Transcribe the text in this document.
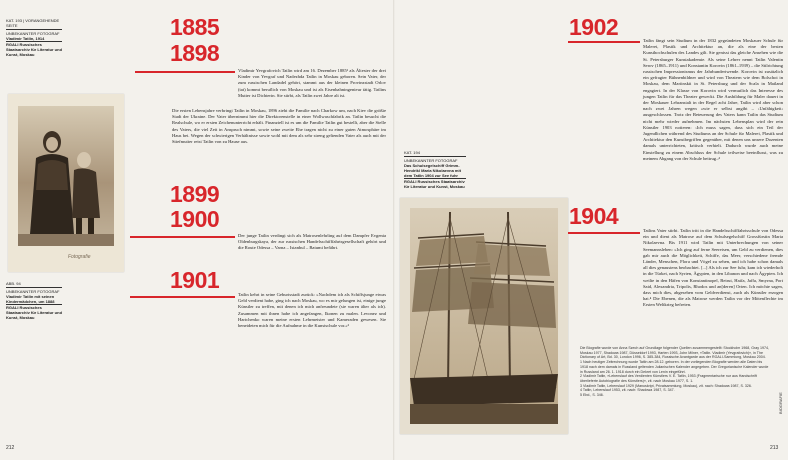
KAT. 193 | VORANGEHENDE SEITE
UNBEKANNTER FOTOGRAF
Vladimir Tatlin, 1914
RGALI Russisches Staatsarchiv für Literatur und Kunst, Moskau
Fotografie
ABB. 94
UNBEKANNTER FOTOGRAF
Vladimir Tatlin mit seinen Kindermädchen, um 1888
RGALI Russisches Staatsarchiv für Literatur und Kunst, Moskau
1885
1898

Vladimir Yevgrafovich Tatlin wird am 16. Dezember 1885¹ als Ältester der drei Kinder von Yevgraf und Nadezhda Tatlin in Moskau geboren. Sein Vater, der zum russischen Landadel gehört, stammt aus der kleinen Provinzstadt Orlov (tat) kommt beruflich von Moskau und ist als Eisenbahningenieur tätig. Tatlins Mutter ist Dichterin. Sie stirbt, als Tatlin zwei Jahre alt ist.

Die ersten Lebensjahre verbringt Tatlin in Moskau, 1896 zieht die Familie nach Charkow um, nach Kiev die größte Stadt der Ukraine. Der Vater übernimmt hier die Direktorenstelle in einer Wollwaschfabrik an. Tatlin besucht die Realschule, wo er ersten Zeichenunterricht erhält. Finanziell ist es um die Familie Tatlin gut bestellt, aber die Stelle des Vaters, die viel Zeit in Anspruch nimmt, sowie seine zweite Ehe tragen nicht zu einer guten Atmosphäre im Haus bei. Wegen der schwierigen Verhältnisse sowie wohl mit dem als sehr streng geltenden Vater als auch mit der Stiefmutter reist Tatlin von zu Hause aus.

1899
1900

Der junge Tatlin verdingt sich als Matrosenlehrling auf dem Dampfer Evgenia Oldenburgskaya, der zur russischen Handelsschifffahrtsgesellschaft gehört und die Route Odessa – Varna – Istanbul – Batumi befährt.

1901

Tatlin kehrt in seine Geburtsstadt zurück: »Nachdem ich als Schiffsjunge etwas Geld verdient habe, ging ich nach Moskau, wo es mir gelungen ist, einige junge Künstler zu treffen, mit denen ich mich anfreundete (sie waren älter als ich). Zusammen mit ihnen habe ich angefangen, Ikonen zu malen. Levonez und Hartchenko waren meine ersten Lehrmeister und Kameraden gewesen. Sie beneideten mich für die Aufnahme in die Kunstschule vor.«²

212
KAT. 194
UNBEKANNTER FOTOGRAF
Das Schulsegelschiff Grimm-Hendrikl Maria Nikolaevna mit dem Tatlin 1904 zur See fuhr
RGALI Russisches Staatsarchiv für Literatur und Kunst, Moskau
1902

Tatlin fängt sein Studium in der 1832 gegründeten Moskauer Schule für Malerei, Plastik und Architektur an, die als eine der besten Kunsthochschulen des Landes gilt. Sie genisst das gleiche Ansehen wie die St. Petersburger Kunstakademie. Als seine Lehrer nennt Tatlin Valentin Serov (1865–1911) und Konstantin Korovin (1861–1939) – die Stilrichtung russischen Impressionismus der Jahrhundertwende. Korovin ist zusätzlich ein gefragter Bühnenbildner und wird von Theatern wie dem Bolschoi in Moskau, dem Mariinskii in St. Petersburg und der Scala in Mailand engagiert. In der Klasse von Korovin wird vermutlich das Interesse des jungen Tatlin für das Theater geweckt. Die Ausbildung für Maler dauert in der Moskauer Lehranstalt in der Regel acht Jahre, Tatlin wird aber schon nach zwei Jahren wegen »wie er selbst angibt – ›Unfähigkeit‹ ausgeschlossen. Trotz der Beteuerung des Vaters kann Tatlin das Studium nicht mehr wieder aufnehmen. Im nächsten Lebensplan wird der rein Künstler 1903 notieren: ›Ich muss sagen, dass sich ein Teil der Jugendlichen während des Studiums an der Schule für Malerei, Plastik und Architektur den Kunstbegriffen gegenüber, mit denen uns unsere Dozenten damals unterrichteten, kritisch verhielt. Dadurch wurde auch meine Einstellung zu einem Abschluss der Schule teilweise beeinflusst, was zu meinem Abgang von der Schule beitrug.‹³

1904

Tatlins Vater stirbt. Tatlin tritt in die Handelsschifffahrtsschule von Odessa ein und dient als Matrose auf dem Schulsegelschiff Grossfürstin Maria Nikolaevna. Bis 1911 wird Tatlin mit Unterbrechungen von seiner Seemannsleben: »Ich ging auf ferne Seereisen, um Geld zu verdienen, dies gab mir auch die Möglichkeit, Schiffe, das Meer, verschiedene fremde Länder, Menschen, Flora und Vögel zu sehen, und ich habe schon damals all dies genaustens beobachtet. [...] Als ich zur See fuhr, kam ich wiederholt in die Türkei, nach Syrien, Ägypten, in den Libanon und nach Ägypten. Ich weilte in den Häfen von Konstantinopel, Beirut, Haifa, Jaffa, Smyrna, Port Said, Alexandria, Tripolis, Rhodos und an[deren] Orten. Ich möchte sagen, dass mich dies, abgesehen vom Geldverdienst, auch als Künstler erzogen hat.⁴ Die Ebenen, die als Matrose werden Tatlin vor der Mötenflechte im Ersten Weltkrieg befreien.

Die Biografie wurde von Anna Szech auf Grundlage folgender Quellen zusammengestellt: Stockholm 1968, Gray 1974, Moskau 1977, Shadowa 1987, Düsseldorf 1993, Harten 1993, John Milner, »Tatlin. Vladimir (Yevgrafovich)«, in The Dictionary of Art, Bd. 30, London 1996, S. 385-384, Russische Avantgarde aus der RGALI-Sammlung, Moskau 2004.
1 Nach heutiger Zeitrechnung wurde Tatlin am 28.12. geboren. In der vorliegenden Biografie werden alle Daten bis 1918 nach dem damals in Russland geltenden Julianischen Kalender angegeben. Der Gregorianische Kalender wurde in Russland am 26. 1. 1918 durch ein Dekret von Lenin eingeführt.
2 Vladimir Tatlin, »Lebenslauf des Verdienten Künstlers V. E. Tatlin, 1953 (Fragmentarische nur aus Handschrift überlieferte Autobiografie des Künstlers)«, zit. nach Moskau 1977, S. 1.
3 Vladimir Tatlin, Lebenslauf 1929 (Manuskript, Privatsammlung, Moskau), zit. nach: Shadowa 1987, S. 326.
4 Tatlin, Lebenslauf 1953, zit. nach: Shadowa 1987, S. 347.
5 Ebd., S. 346.	BIOGRAFIE
213
